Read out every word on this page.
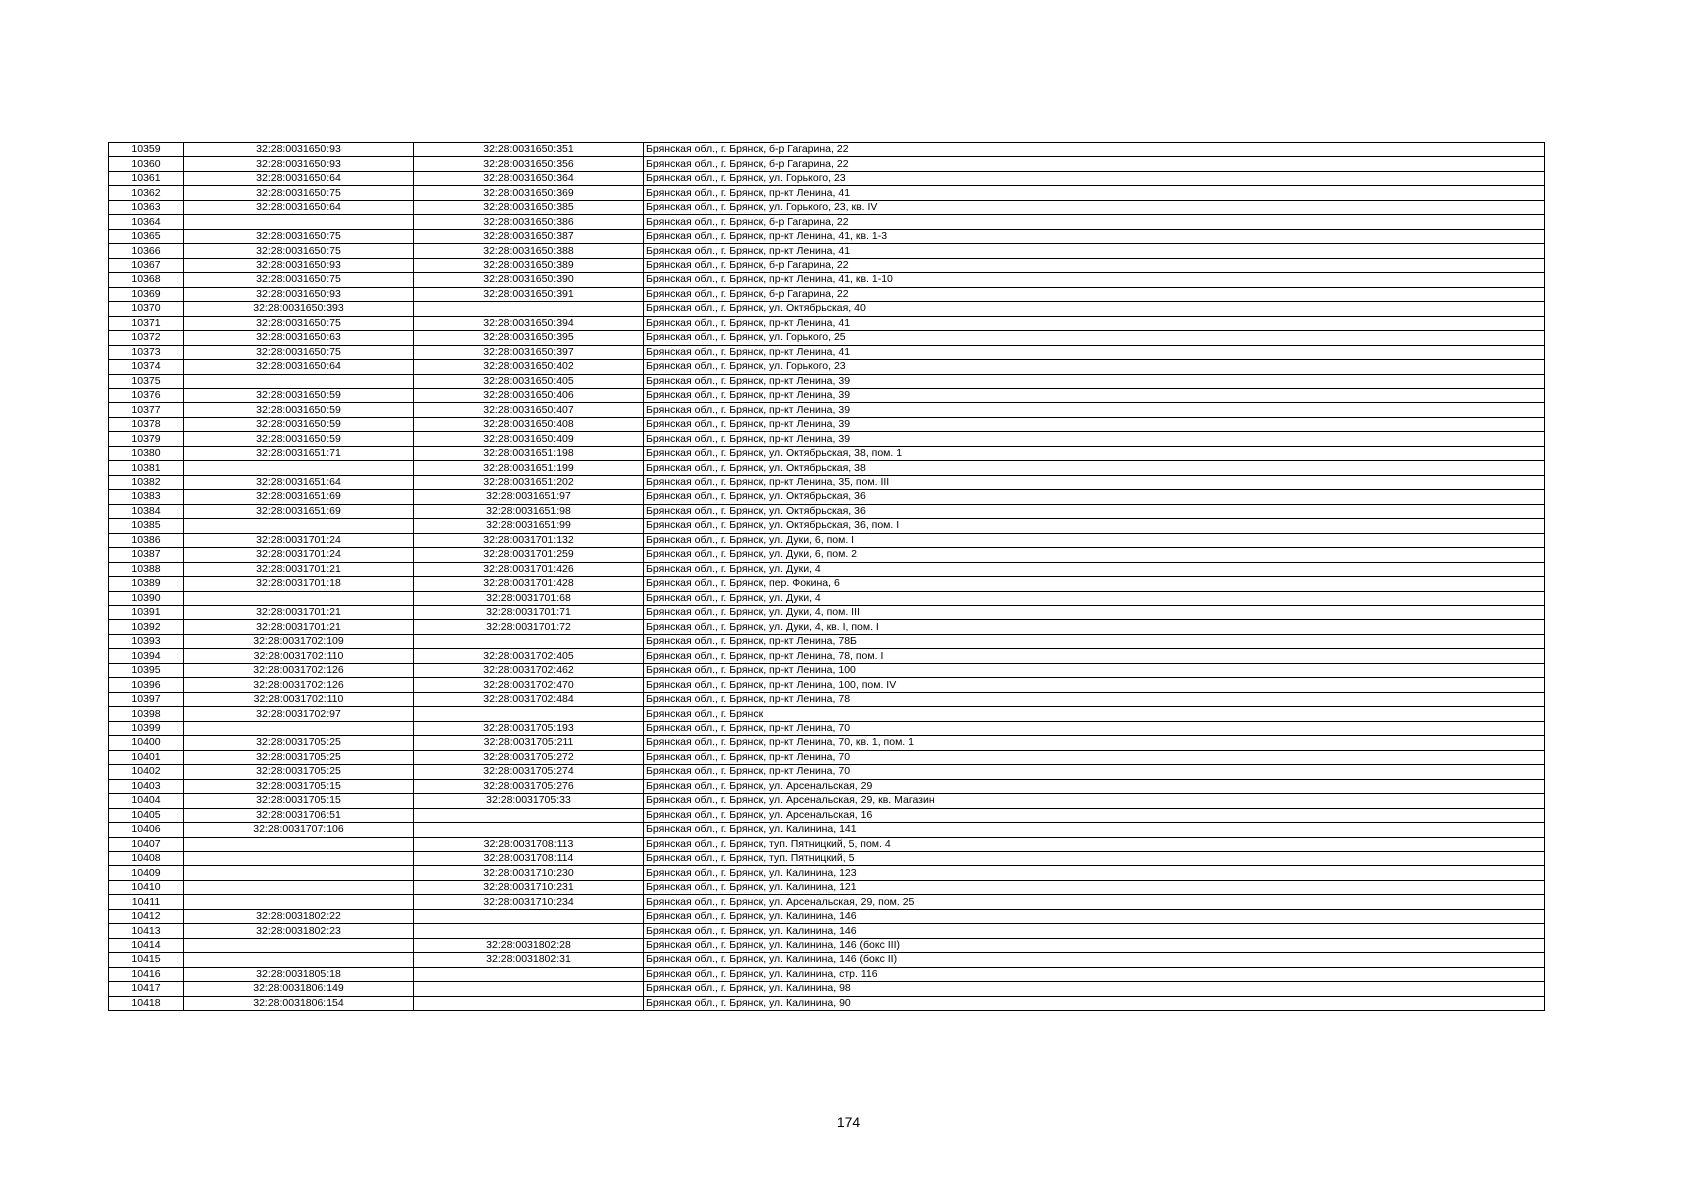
10359	32:28:0031650:93	32:28:0031650:351	Брянская обл., г. Брянск, б-р Гагарина, 22
10360	32:28:0031650:93	32:28:0031650:356	Брянская обл., г. Брянск, б-р Гагарина, 22
10361	32:28:0031650:64	32:28:0031650:364	Брянская обл., г. Брянск, ул. Горького, 23
10362	32:28:0031650:75	32:28:0031650:369	Брянская обл., г. Брянск, пр-кт Ленина, 41
10363	32:28:0031650:64	32:28:0031650:385	Брянская обл., г. Брянск, ул. Горького, 23, кв. IV
10364		32:28:0031650:386	Брянская обл., г. Брянск, б-р Гагарина, 22
10365	32:28:0031650:75	32:28:0031650:387	Брянская обл., г. Брянск, пр-кт Ленина, 41, кв. 1-3
10366	32:28:0031650:75	32:28:0031650:388	Брянская обл., г. Брянск, пр-кт Ленина, 41
10367	32:28:0031650:93	32:28:0031650:389	Брянская обл., г. Брянск, б-р Гагарина, 22
10368	32:28:0031650:75	32:28:0031650:390	Брянская обл., г. Брянск, пр-кт Ленина, 41, кв. 1-10
10369	32:28:0031650:93	32:28:0031650:391	Брянская обл., г. Брянск, б-р Гагарина, 22
10370	32:28:0031650:393		Брянская обл., г. Брянск, ул. Октябрьская, 40
10371	32:28:0031650:75	32:28:0031650:394	Брянская обл., г. Брянск, пр-кт Ленина, 41
10372	32:28:0031650:63	32:28:0031650:395	Брянская обл., г. Брянск, ул. Горького, 25
10373	32:28:0031650:75	32:28:0031650:397	Брянская обл., г. Брянск, пр-кт Ленина, 41
10374	32:28:0031650:64	32:28:0031650:402	Брянская обл., г. Брянск, ул. Горького, 23
10375		32:28:0031650:405	Брянская обл., г. Брянск, пр-кт Ленина, 39
10376	32:28:0031650:59	32:28:0031650:406	Брянская обл., г. Брянск, пр-кт Ленина, 39
10377	32:28:0031650:59	32:28:0031650:407	Брянская обл., г. Брянск, пр-кт Ленина, 39
10378	32:28:0031650:59	32:28:0031650:408	Брянская обл., г. Брянск, пр-кт Ленина, 39
10379	32:28:0031650:59	32:28:0031650:409	Брянская обл., г. Брянск, пр-кт Ленина, 39
10380	32:28:0031651:71	32:28:0031651:198	Брянская обл., г. Брянск, ул. Октябрьская, 38, пом. 1
10381		32:28:0031651:199	Брянская обл., г. Брянск, ул. Октябрьская, 38
10382	32:28:0031651:64	32:28:0031651:202	Брянская обл., г. Брянск, пр-кт Ленина, 35, пом. III
10383	32:28:0031651:69	32:28:0031651:97	Брянская обл., г. Брянск, ул. Октябрьская, 36
10384	32:28:0031651:69	32:28:0031651:98	Брянская обл., г. Брянск, ул. Октябрьская, 36
10385		32:28:0031651:99	Брянская обл., г. Брянск, ул. Октябрьская, 36, пом. I
10386	32:28:0031701:24	32:28:0031701:132	Брянская обл., г. Брянск, ул. Дуки, 6, пом. I
10387	32:28:0031701:24	32:28:0031701:259	Брянская обл., г. Брянск, ул. Дуки, 6, пом. 2
10388	32:28:0031701:21	32:28:0031701:426	Брянская обл., г. Брянск, ул. Дуки, 4
10389	32:28:0031701:18	32:28:0031701:428	Брянская обл., г. Брянск, пер. Фокина, 6
10390		32:28:0031701:68	Брянская обл., г. Брянск, ул. Дуки, 4
10391	32:28:0031701:21	32:28:0031701:71	Брянская обл., г. Брянск, ул. Дуки, 4, пом. III
10392	32:28:0031701:21	32:28:0031701:72	Брянская обл., г. Брянск, ул. Дуки, 4, кв. I, пом. I
10393	32:28:0031702:109		Брянская обл., г. Брянск, пр-кт Ленина, 78Б
10394	32:28:0031702:110	32:28:0031702:405	Брянская обл., г. Брянск, пр-кт Ленина, 78, пом. I
10395	32:28:0031702:126	32:28:0031702:462	Брянская обл., г. Брянск, пр-кт Ленина, 100
10396	32:28:0031702:126	32:28:0031702:470	Брянская обл., г. Брянск, пр-кт Ленина, 100, пом. IV
10397	32:28:0031702:110	32:28:0031702:484	Брянская обл., г. Брянск, пр-кт Ленина, 78
10398	32:28:0031702:97		Брянская обл., г. Брянск
10399		32:28:0031705:193	Брянская обл., г. Брянск, пр-кт Ленина, 70
10400	32:28:0031705:25	32:28:0031705:211	Брянская обл., г. Брянск, пр-кт Ленина, 70, кв. 1, пом. 1
10401	32:28:0031705:25	32:28:0031705:272	Брянская обл., г. Брянск, пр-кт Ленина, 70
10402	32:28:0031705:25	32:28:0031705:274	Брянская обл., г. Брянск, пр-кт Ленина, 70
10403	32:28:0031705:15	32:28:0031705:276	Брянская обл., г. Брянск, ул. Арсенальская, 29
10404	32:28:0031705:15	32:28:0031705:33	Брянская обл., г. Брянск, ул. Арсенальская, 29, кв. Магазин
10405	32:28:0031706:51		Брянская обл., г. Брянск, ул. Арсенальская, 16
10406	32:28:0031707:106		Брянская обл., г. Брянск, ул. Калинина, 141
10407		32:28:0031708:113	Брянская обл., г. Брянск, туп. Пятницкий, 5, пом. 4
10408		32:28:0031708:114	Брянская обл., г. Брянск, туп. Пятницкий, 5
10409		32:28:0031710:230	Брянская обл., г. Брянск, ул. Калинина, 123
10410		32:28:0031710:231	Брянская обл., г. Брянск, ул. Калинина, 121
10411		32:28:0031710:234	Брянская обл., г. Брянск, ул. Арсенальская, 29, пом. 25
10412	32:28:0031802:22		Брянская обл., г. Брянск, ул. Калинина, 146
10413	32:28:0031802:23		Брянская обл., г. Брянск, ул. Калинина, 146
10414		32:28:0031802:28	Брянская обл., г. Брянск, ул. Калинина, 146 (бокс III)
10415		32:28:0031802:31	Брянская обл., г. Брянск, ул. Калинина, 146 (бокс II)
10416	32:28:0031805:18		Брянская обл., г. Брянск, ул. Калинина, стр. 116
10417	32:28:0031806:149		Брянская обл., г. Брянск, ул. Калинина, 98
10418	32:28:0031806:154		Брянская обл., г. Брянск, ул. Калинина, 90
174
